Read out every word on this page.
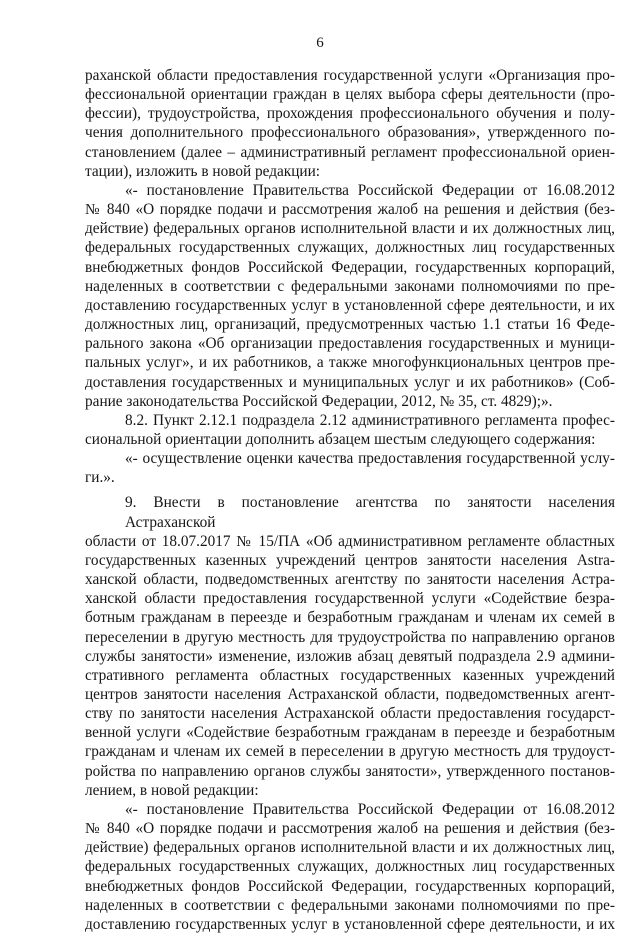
6

раханской области предоставления государственной услуги «Организация про-

фессиональной ориентации граждан в целях выбора сферы деятельности (про-

фессии), трудоустройства, прохождения профессионального обучения и полу-

чения дополнительного профессионального образования», утвержденного по-

становлением (далее – административный регламент профессиональной ориен-

тации), изложить в новой редакции:

«- постановление Правительства Российской Федерации от 16.08.2012

№ 840 «О порядке подачи и рассмотрения жалоб на решения и действия (без-

действие) федеральных органов исполнительной власти и их должностных лиц,

федеральных государственных служащих, должностных лиц государственных

внебюджетных фондов Российской Федерации, государственных корпораций,

наделенных в соответствии с федеральными законами полномочиями по пре-

доставлению государственных услуг в установленной сфере деятельности, и их

должностных лиц, организаций, предусмотренных частью 1.1 статьи 16 Феде-

рального закона «Об организации предоставления государственных и муници-

пальных услуг», и их работников, а также многофункциональных центров пре-

доставления государственных и муниципальных услуг и их работников» (Соб-

рание законодательства Российской Федерации, 2012, № 35, ст. 4829);».

8.2. Пункт 2.12.1 подраздела 2.12 административного регламента профес-

сиональной ориентации дополнить абзацем шестым следующего содержания:

«- осуществление оценки качества предоставления государственной услу-

ги.».

9. Внести в постановление агентства по занятости населения Астраханской

области от 18.07.2017 № 15/ПА «Об административном регламенте областных

государственных казенных учреждений центров занятости населения Astra-

ханской области, подведомственных агентству по занятости населения Астра-

ханской области предоставления государственной услуги «Содействие безра-

ботным гражданам в переезде и безработным гражданам и членам их семей в

переселении в другую местность для трудоустройства по направлению органов

службы занятости» изменение, изложив абзац девятый подраздела 2.9 админи-

стративного регламента областных государственных казенных учреждений

центров занятости населения Астраханской области, подведомственных агент-

ству по занятости населения Астраханской области предоставления государст-

венной услуги «Содействие безработным гражданам в переезде и безработным

гражданам и членам их семей в переселении в другую местность для трудоуст-

ройства по направлению органов службы занятости», утвержденного постанов-

лением, в новой редакции:

«- постановление Правительства Российской Федерации от 16.08.2012

№ 840 «О порядке подачи и рассмотрения жалоб на решения и действия (без-

действие) федеральных органов исполнительной власти и их должностных лиц,

федеральных государственных служащих, должностных лиц государственных

внебюджетных фондов Российской Федерации, государственных корпораций,

наделенных в соответствии с федеральными законами полномочиями по пре-

доставлению государственных услуг в установленной сфере деятельности, и их
